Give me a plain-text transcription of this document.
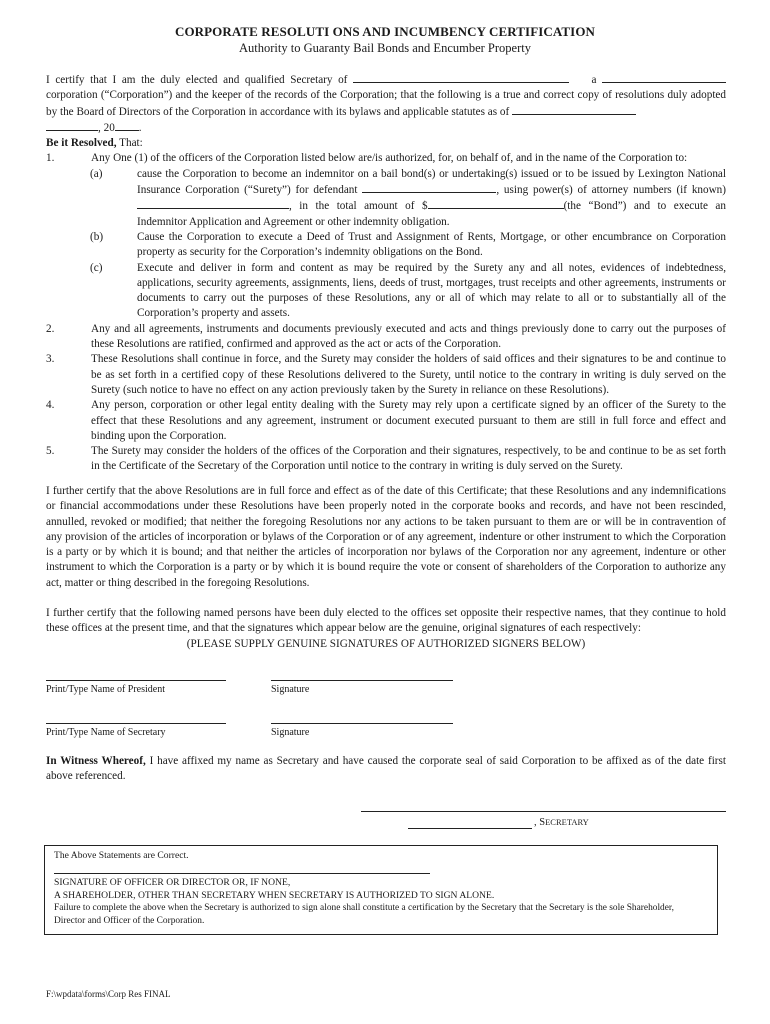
CORPORATE RESOLUTI ONS AND INCUMBENCY CERTIFICATION
Authority to Guaranty Bail Bonds and Encumber Property
I certify that I am the duly elected and qualified Secretary of	a  corporation (“Corporation”) and the keeper of the records of the Corporation; that the following is a true and correct copy of resolutions duly adopted by the Board of Directors of the Corporation in accordance with its bylaws and applicable statutes as of
, 20 .
Be it Resolved, That:
1.	Any One (1) of the officers of the Corporation listed below are/is authorized, for, on behalf of, and in the name of the Corporation to:
(a)	cause the Corporation to become an indemnitor on a bail bond(s) or undertaking(s) issued or to be issued by Lexington National Insurance Corporation (“Surety”) for defendant	, using power(s) of attorney numbers (if known) , in the total amount of $	(the “Bond”) and to execute an Indemnitor Application and Agreement or other indemnity obligation.
(b)	Cause the Corporation to execute a Deed of Trust and Assignment of Rents, Mortgage, or other encumbrance on Corporation property as security for the Corporation’s indemnity obligations on the Bond.
(c)	Execute and deliver in form and content as may be required by the Surety any and all notes, evidences of indebtedness, applications, security agreements, assignments, liens, deeds of trust, mortgages, trust receipts and other agreements, instruments or documents to carry out the purposes of these Resolutions, any or all of which may relate to all or to substantially all of the Corporation’s property and assets.
2.	Any and all agreements, instruments and documents previously executed and acts and things previously done to carry out the purposes of these Resolutions are ratified, confirmed and approved as the act or acts of the Corporation.
3.	These Resolutions shall continue in force, and the Surety may consider the holders of said offices and their signatures to be and continue to be as set forth in a certified copy of these Resolutions delivered to the Surety, until notice to the contrary in writing is duly served on the Surety (such notice to have no effect on any action previously taken by the Surety in reliance on these Resolutions).
4.	Any person, corporation or other legal entity dealing with the Surety may rely upon a certificate signed by an officer of the Surety to the effect that these Resolutions and any agreement, instrument or document executed pursuant to them are still in full force and effect and binding upon the Corporation.
5.	The Surety may consider the holders of the offices of the Corporation and their signatures, respectively, to be and continue to be as set forth in the Certificate of the Secretary of the Corporation until notice to the contrary in writing is duly served on the Surety.
I further certify that the above Resolutions are in full force and effect as of the date of this Certificate; that these Resolutions and any indemnifications or financial accommodations under these Resolutions have been properly noted in the corporate books and records, and have not been rescinded, annulled, revoked or modified; that neither the foregoing Resolutions nor any actions to be taken pursuant to them are or will be in contravention of any provision of the articles of incorporation or bylaws of the Corporation or of any agreement, indenture or other instrument to which the Corporation is a party or by which it is bound; and that neither the articles of incorporation nor bylaws of the Corporation nor any agreement, indenture or other instrument to which the Corporation is a party or by which it is bound require the vote or consent of shareholders of the Corporation to authorize any act, matter or thing described in the foregoing Resolutions.
I further certify that the following named persons have been duly elected to the offices set opposite their respective names, that they continue to hold these offices at the present time, and that the signatures which appear below are the genuine, original signatures of each respectively:
(PLEASE SUPPLY GENUINE SIGNATURES OF AUTHORIZED SIGNERS BELOW)
Print/Type Name of President	Signature
Print/Type Name of Secretary	Signature
In Witness Whereof, I have affixed my name as Secretary and have caused the corporate seal of said Corporation to be affixed as of the date first above referenced.
, SECRETARY
The Above Statements are Correct.
SIGNATURE OF OFFICER OR DIRECTOR OR, IF NONE,
A SHAREHOLDER, OTHER THAN SECRETARY WHEN SECRETARY IS AUTHORIZED TO SIGN ALONE.
Failure to complete the above when the Secretary is authorized to sign alone shall constitute a certification by the Secretary that the Secretary is the sole Shareholder, Director and Officer of the Corporation.
F:\wpdata\forms\Corp Res FINAL
